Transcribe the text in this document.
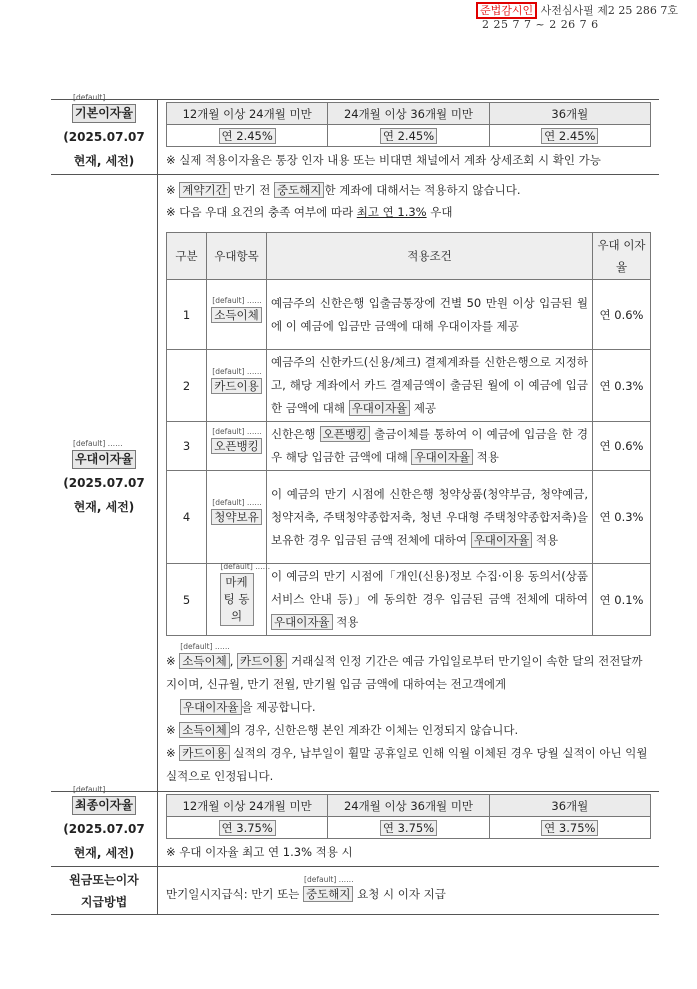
준법감시인 사전심사필 제2 25 286 7호
2 25 7 7 ~ 2 26 7 6
[default] …… 기본이자율
(2025.07.07
현재, 세전)	
12개월 이상 24개월 미만	24개월 이상 36개월 미만	36개월
연 2.45%	연 2.45%	연 2.45%

※ 실제 적용이자율은 통장 인자 내용 또는 비대면 채널에서 계좌 상세조회 시 확인 가능

[default] …… 우대이자율
(2025.07.07
현재, 세전)	

※ 계약기간 만기 전 중도해지 한 계좌에 대해서는 적용하지 않습니다.

※ 다음 우대 요건의 충족 여부에 따라 최고 연 1.3% 우대

구분	우대항목	적용조건	우대 이자율
1	[default] ……소득이체	예금주의 신한은행 입출금통장에 건별 50 만원 이상 입금된 월에 이 예금에 입금만 금액에 대해 우대이자를 제공	연 0.6%
2	[default] ……카드이용	예금주의 신한카드(신용/체크) 결제계좌를 신한은행으로 지정하고, 해당 계좌에서 카드 결제금액이 출금된 월에 이 예금에 입금한 금액에 대해 우대이자율 제공	연 0.3%
3	[default] ……오픈뱅킹	신한은행 오픈뱅킹 출금이체를 통하여 이 예금에 입금을 한 경우 해당 입금한 금액에 대해 우대이자율 적용	연 0.6%
4	[default] ……청약보유	이 예금의 만기 시점에 신한은행 청약상품(청약부금, 청약예금, 청약저축, 주택청약종합저축, 청년 우대형 주택청약종합저축)을 보유한 경우 입금된 금액 전체에 대하여 우대이자율 적용	연 0.3%
5	[default] …… 마케팅 동의	이 예금의 만기 시점에「개인(신용)정보 수집·이용 동의서(상품서비스 안내 등)」에 동의한 경우 입금된 금액 전체에 대하여 우대이자율 적용	연 0.1%

※ [default] …… 소득이체 , 카드이용 거래실적 인정 기간은 예금 가입일로부터 만기일이 속한 달의 전전달까지이며, 신규월, 만기 전월, 만기월 입금 금액에 대하여는 전고객에게
우대이자율 을 제공합니다.

※ 소득이체 의 경우, 신한은행 본인 계좌간 이체는 인정되지 않습니다.

※ 카드이용 실적의 경우, 납부일이 휠말 공휴일로 인해 익월 이체된 경우 당월 실적이 아닌 익월 실적으로 인정됩니다.

[default] …… 최종이자율
(2025.07.07
현재, 세전)	
12개월 이상 24개월 미만	24개월 이상 36개월 미만	36개월
연 3.75%	연 3.75%	연 3.75%

※ 우대 이자율 최고 연 1.3% 적용 시

원금또는이자
지급방법	만기일시지급식: 만기 또는 [default] …… 중도해지 요청 시 이자 지급
